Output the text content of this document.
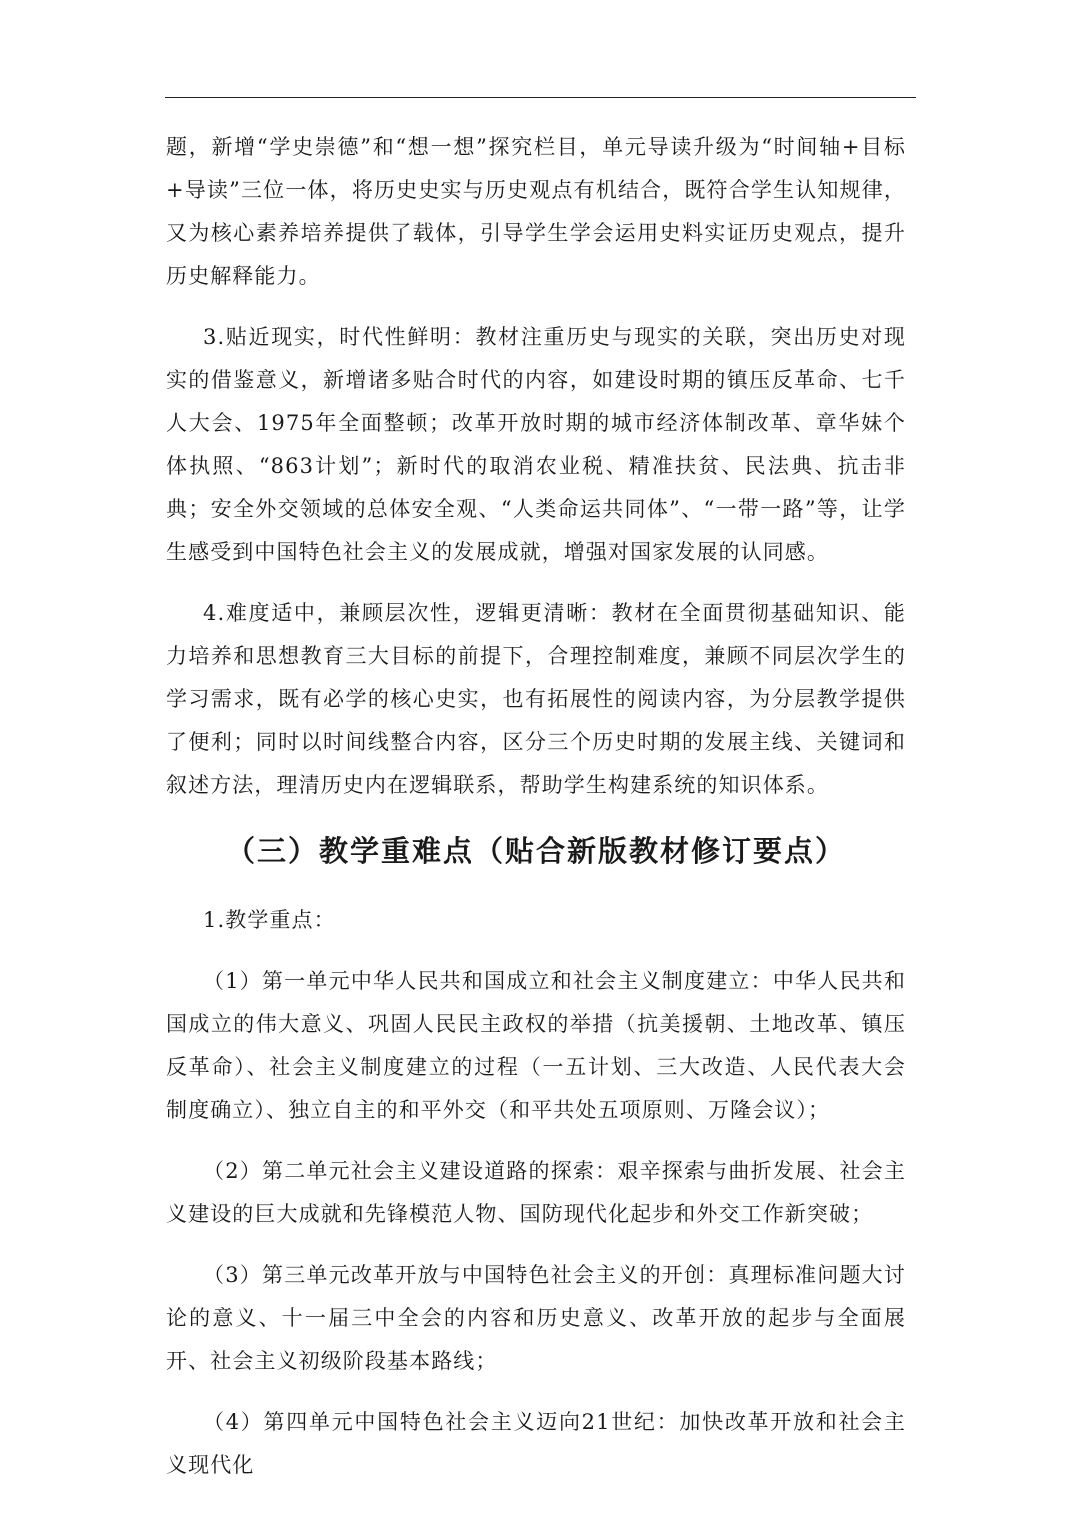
题，新增“学史崇德”和“想一想”探究栏目，单元导读升级为“时间轴+目标+导读”三位一体，将历史史实与历史观点有机结合，既符合学生认知规律，又为核心素养培养提供了载体，引导学生学会运用史料实证历史观点，提升历史解释能力。

3.贴近现实，时代性鲜明：教材注重历史与现实的关联，突出历史对现实的借鉴意义，新增诸多贴合时代的内容，如建设时期的镇压反革命、七千人大会、1975年全面整顿；改革开放时期的城市经济体制改革、章华妹个体执照、“863计划”；新时代的取消农业税、精准扶贫、民法典、抗击非典；安全外交领域的总体安全观、“人类命运共同体”、“一带一路”等，让学生感受到中国特色社会主义的发展成就，增强对国家发展的认同感。

4.难度适中，兼顾层次性，逻辑更清晰：教材在全面贯彻基础知识、能力培养和思想教育三大目标的前提下，合理控制难度，兼顾不同层次学生的学习需求，既有必学的核心史实，也有拓展性的阅读内容，为分层教学提供了便利；同时以时间线整合内容，区分三个历史时期的发展主线、关键词和叙述方法，理清历史内在逻辑联系，帮助学生构建系统的知识体系。

（三）教学重难点（贴合新版教材修订要点）

1.教学重点：

（1）第一单元中华人民共和国成立和社会主义制度建立：中华人民共和国成立的伟大意义、巩固人民民主政权的举措（抗美援朝、土地改革、镇压反革命）、社会主义制度建立的过程（一五计划、三大改造、人民代表大会制度确立）、独立自主的和平外交（和平共处五项原则、万隆会议）；

（2）第二单元社会主义建设道路的探索：艰辛探索与曲折发展、社会主义建设的巨大成就和先锋模范人物、国防现代化起步和外交工作新突破；

（3）第三单元改革开放与中国特色社会主义的开创：真理标准问题大讨论的意义、十一届三中全会的内容和历史意义、改革开放的起步与全面展开、社会主义初级阶段基本路线；

（4）第四单元中国特色社会主义迈向21世纪：加快改革开放和社会主义现代化
